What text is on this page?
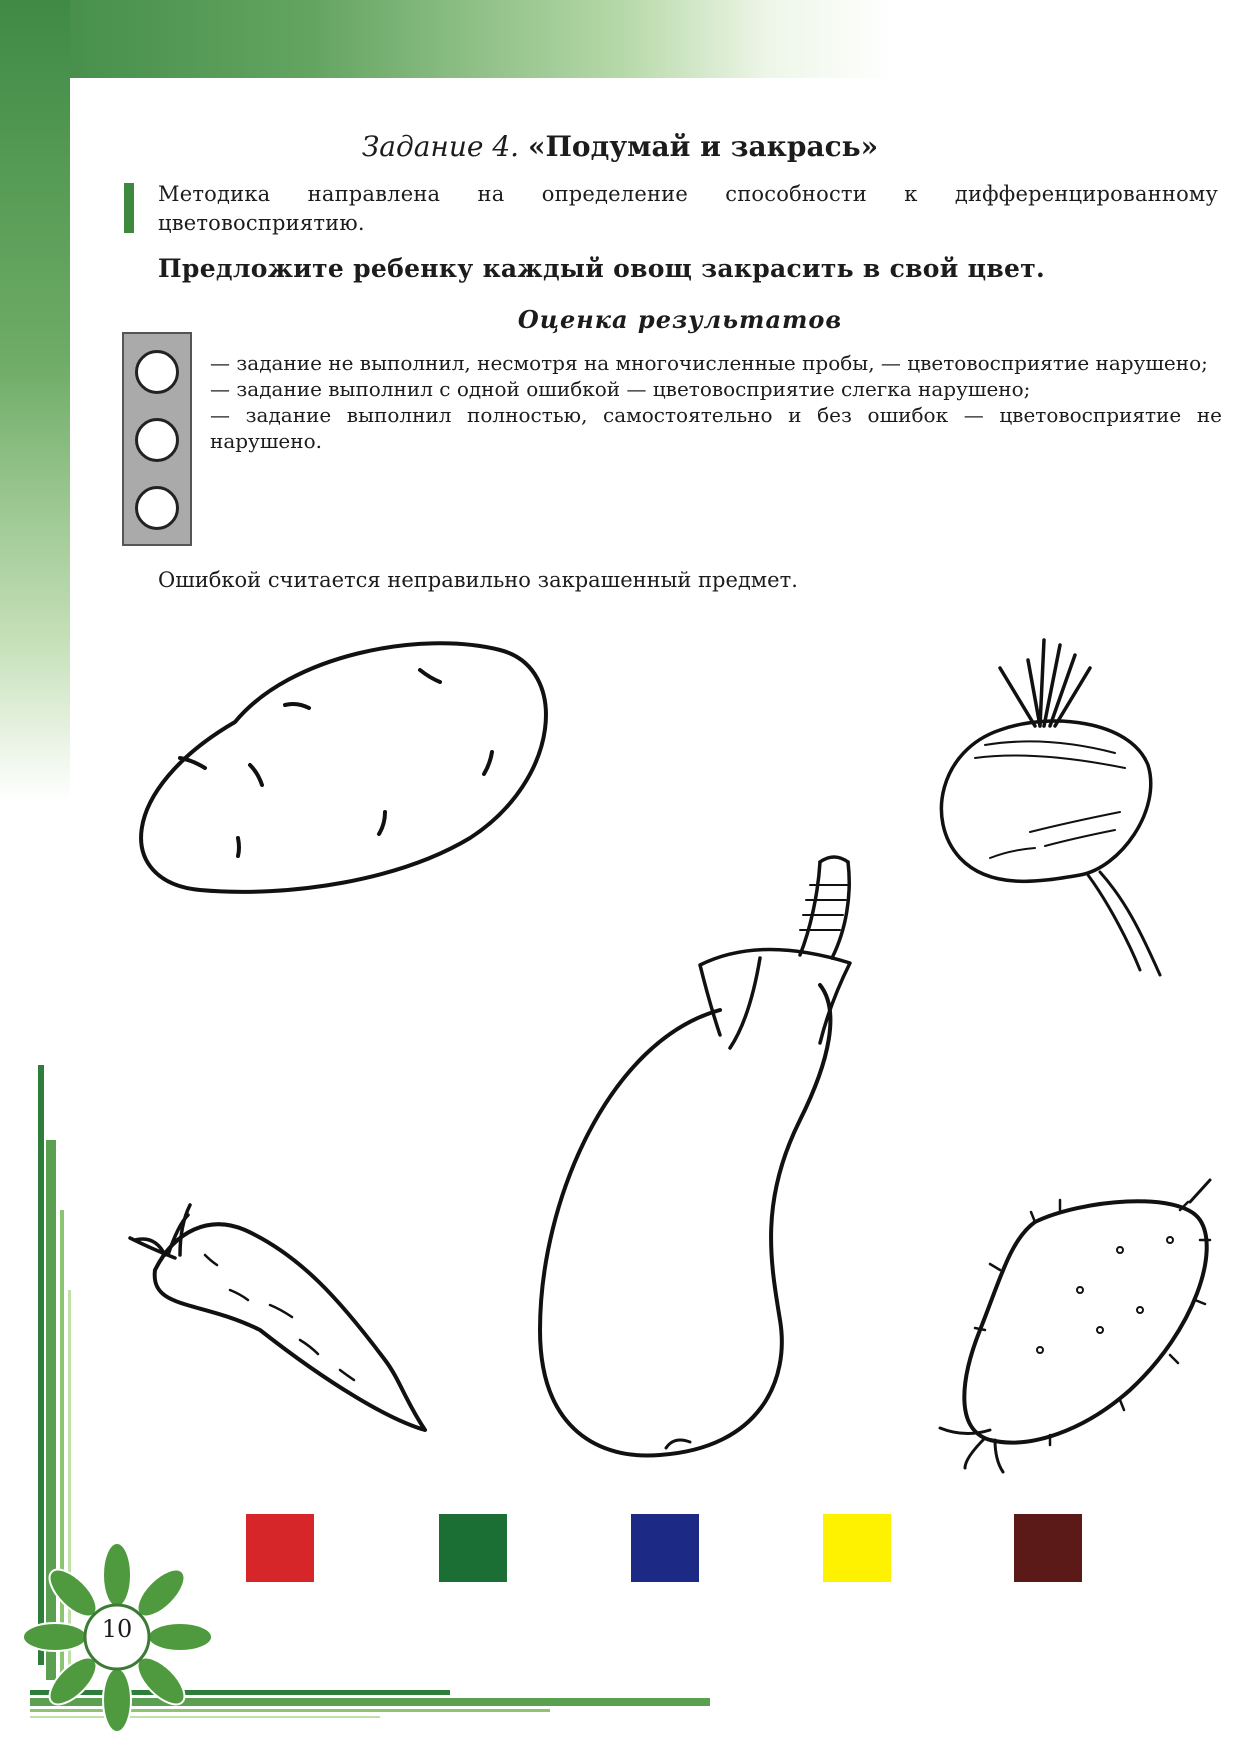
Задание 4. «Подумай и закрась»

Методика направлена на определение способности к дифференцированному цветовосприятию.

Предложите ребенку каждый овощ закрасить в свой цвет.

Оценка результатов
— задание не выполнил, несмотря на многочисленные пробы, — цветовосприятие нарушено;
— задание выполнил с одной ошибкой — цветовосприятие слегка нарушено;
— задание выполнил полностью, самостоятельно и без ошибок — цветовосприятие не нарушено.

Ошибкой считается неправильно закрашенный предмет.

10
